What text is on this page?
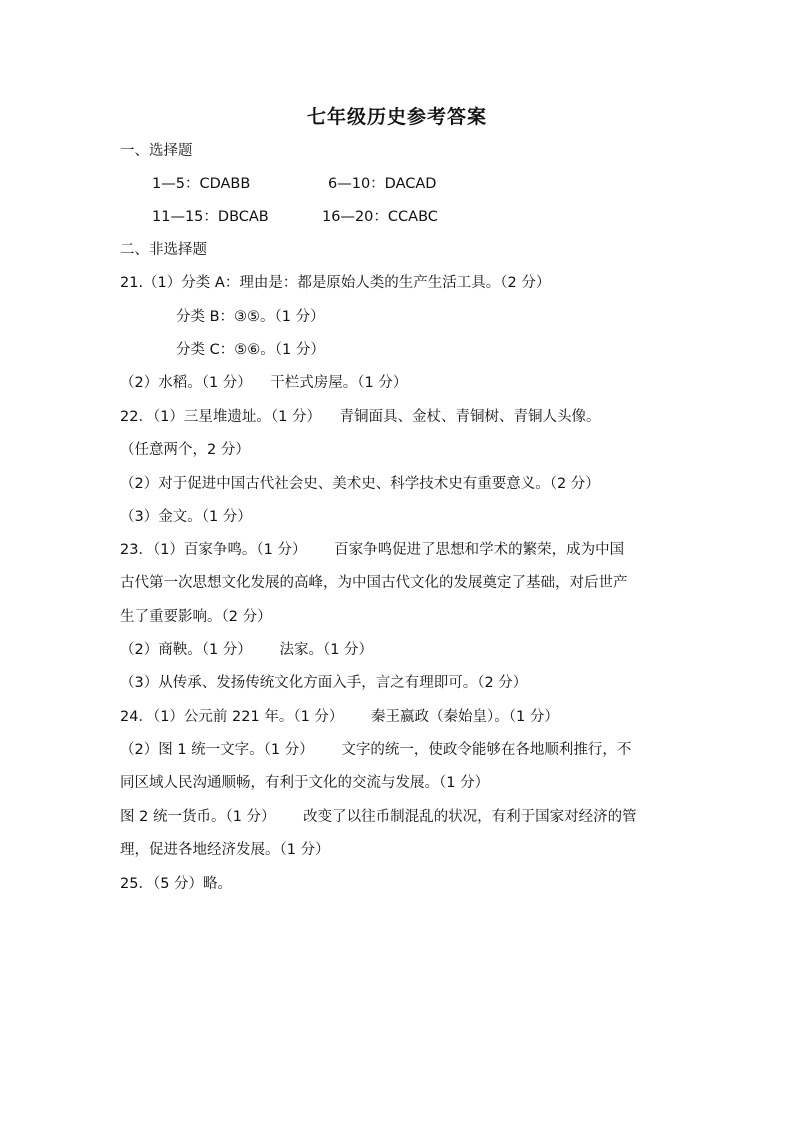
七年级历史参考答案
一、选择题
1—5：CDABB	6—10：DACAD
11—15：DBCAB	16—20：CCABC
二、非选择题
21.（1）分类 A：理由是：都是原始人类的生产生活工具。（2 分）
分类 B：③⑤。（1 分）
分类 C：⑤⑥。（1 分）
（2）水稻。（1 分）    干栏式房屋。（1 分）
22．（1）三星堆遗址。（1 分）    青铜面具、金杖、青铜树、青铜人头像。
（任意两个，2 分）
（2）对于促进中国古代社会史、美术史、科学技术史有重要意义。（2 分）
（3）金文。（1 分）
23．（1）百家争鸣。（1 分）      百家争鸣促进了思想和学术的繁荣，成为中国
古代第一次思想文化发展的高峰，为中国古代文化的发展奠定了基础，对后世产
生了重要影响。（2 分）
（2）商鞅。（1 分）      法家。（1 分）
（3）从传承、发扬传统文化方面入手，言之有理即可。（2 分）
24．（1）公元前 221 年。（1 分）      秦王嬴政（秦始皇）。（1 分）
（2）图 1 统一文字。（1 分）      文字的统一，使政令能够在各地顺利推行，不
同区域人民沟通顺畅，有利于文化的交流与发展。（1 分）
图 2 统一货币。（1 分）      改变了以往币制混乱的状况，有利于国家对经济的管
理，促进各地经济发展。（1 分）
25．（5 分）略。
